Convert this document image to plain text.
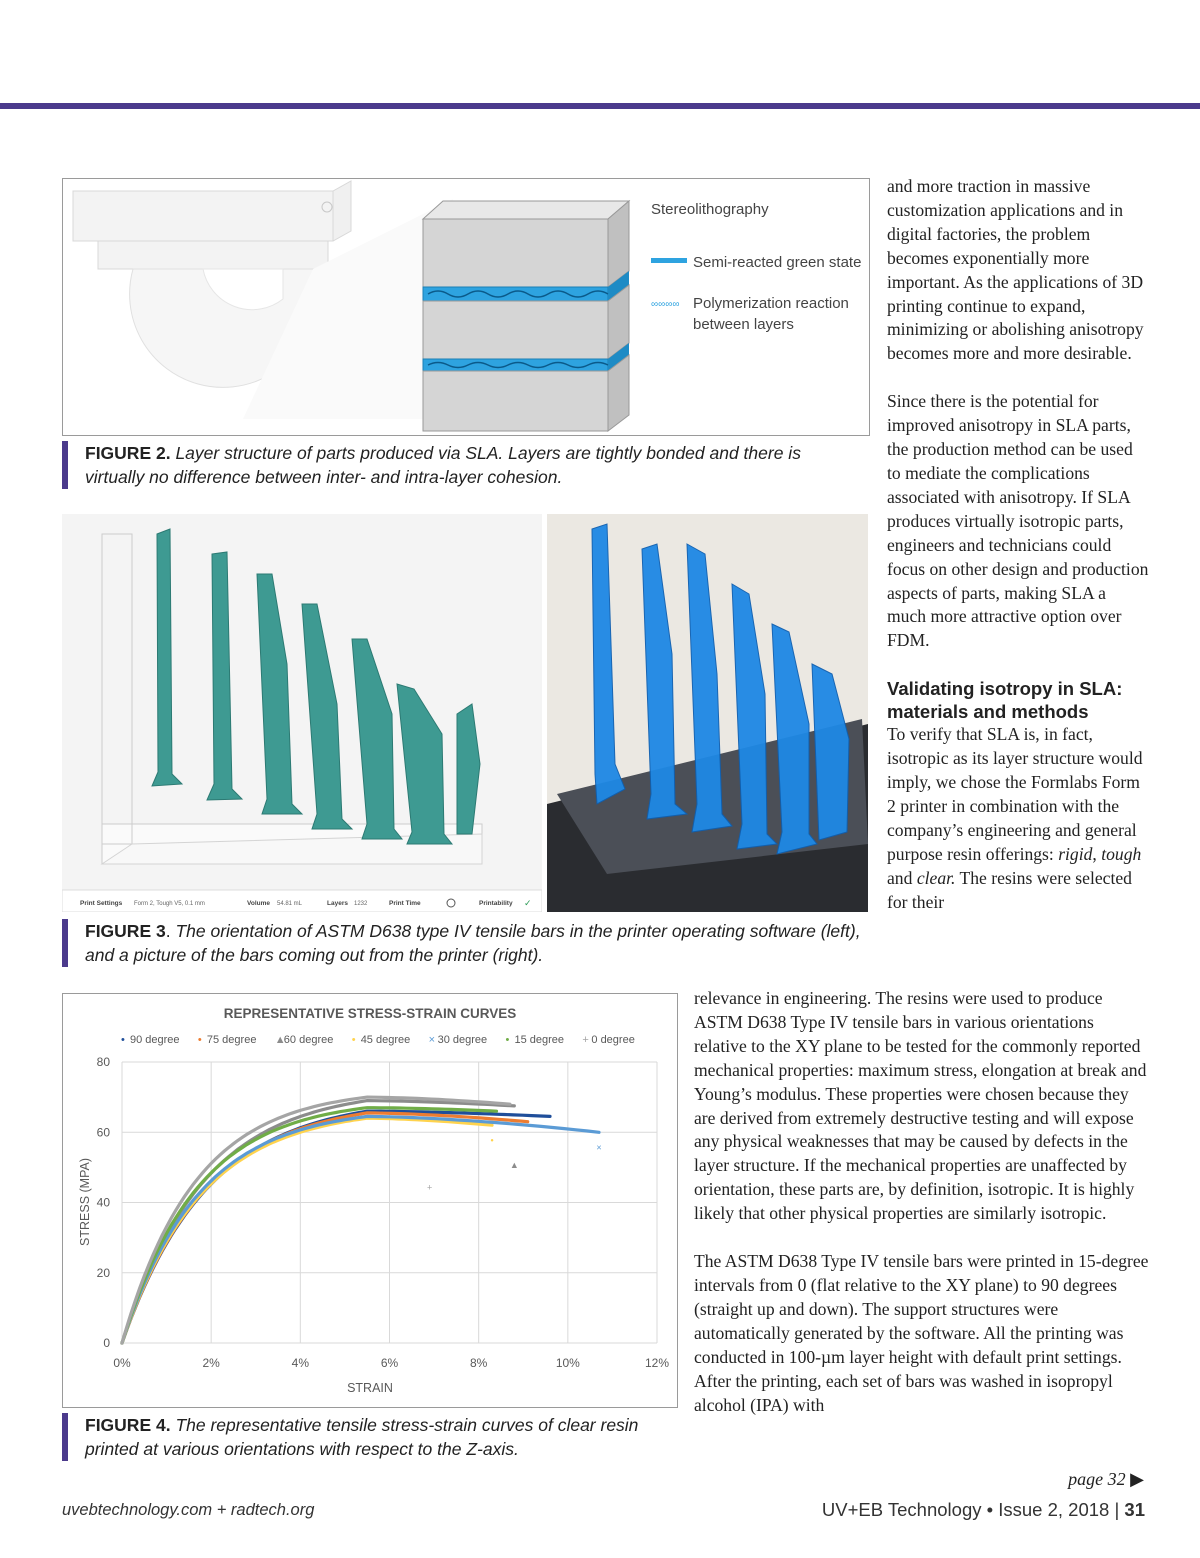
Stereolithography
Semi-reacted green state
∞∞∞∞ Polymerization reaction
between layers
FIGURE 2. Layer structure of parts produced via SLA. Layers are tightly bonded and there is virtually no difference between inter- and intra-layer cohesion.
Print Settings Form 2, Tough V5, 0.1 mm	Volume 54.81 mL	Layers 1232	Print Time	Printability ✓
FIGURE 3. The orientation of ASTM D638 type IV tensile bars in the printer operating software (left), and a picture of the bars coming out from the printer (right).
REPRESENTATIVE STRESS-STRAIN CURVES
• 90 degree • 75 degree ▲
60 degree • 45 degree × 30 degree • 15 degree + 0 degree
0%	2%	4%	6%	8%	10%	12%
0
20
40
60
80
▲
•
×
+
STRAIN
STRESS (MPA)
FIGURE 4. The representative tensile stress-strain curves of clear resin printed at various orientations with respect to the Z-axis.

and more traction in massive customization applications and in digital factories, the problem becomes exponentially more important. As the applications of 3D printing continue to expand, minimizing or abolishing anisotropy becomes more and more desirable.

Since there is the potential for improved anisotropy in SLA parts, the production method can be used to mediate the complications associated with anisotropy. If SLA produces virtually isotropic parts, engineers and technicians could focus on other design and production aspects of parts, making SLA a much more attractive option over FDM.

Validating isotropy in SLA: materials and methods

To verify that SLA is, in fact, isotropic as its layer structure would imply, we chose the Formlabs Form 2 printer in combination with the company’s engineering and general purpose resin offerings: rigid, tough and clear. The resins were selected for their

relevance in engineering. The resins were used to produce ASTM D638 Type IV tensile bars in various orientations relative to the XY plane to be tested for the commonly reported mechanical properties: maximum stress, elongation at break and Young’s modulus. These properties were chosen because they are derived from extremely destructive testing and will expose any physical weaknesses that may be caused by defects in the layer structure. If the mechanical properties are unaffected by orientation, these parts are, by definition, isotropic. It is highly likely that other physical properties are similarly isotropic.

The ASTM D638 Type IV tensile bars were printed in 15-degree intervals from 0 (flat relative to the XY plane) to 90 degrees (straight up and down). The support structures were automatically generated by the software. All the printing was conducted in 100-µm layer height with default print settings. After the printing, each set of bars was washed in isopropyl alcohol (IPA) with

page 32 ▶
uvebtechnology.com + radtech.org	UV+EB Technology • Issue 2, 2018 | 31
